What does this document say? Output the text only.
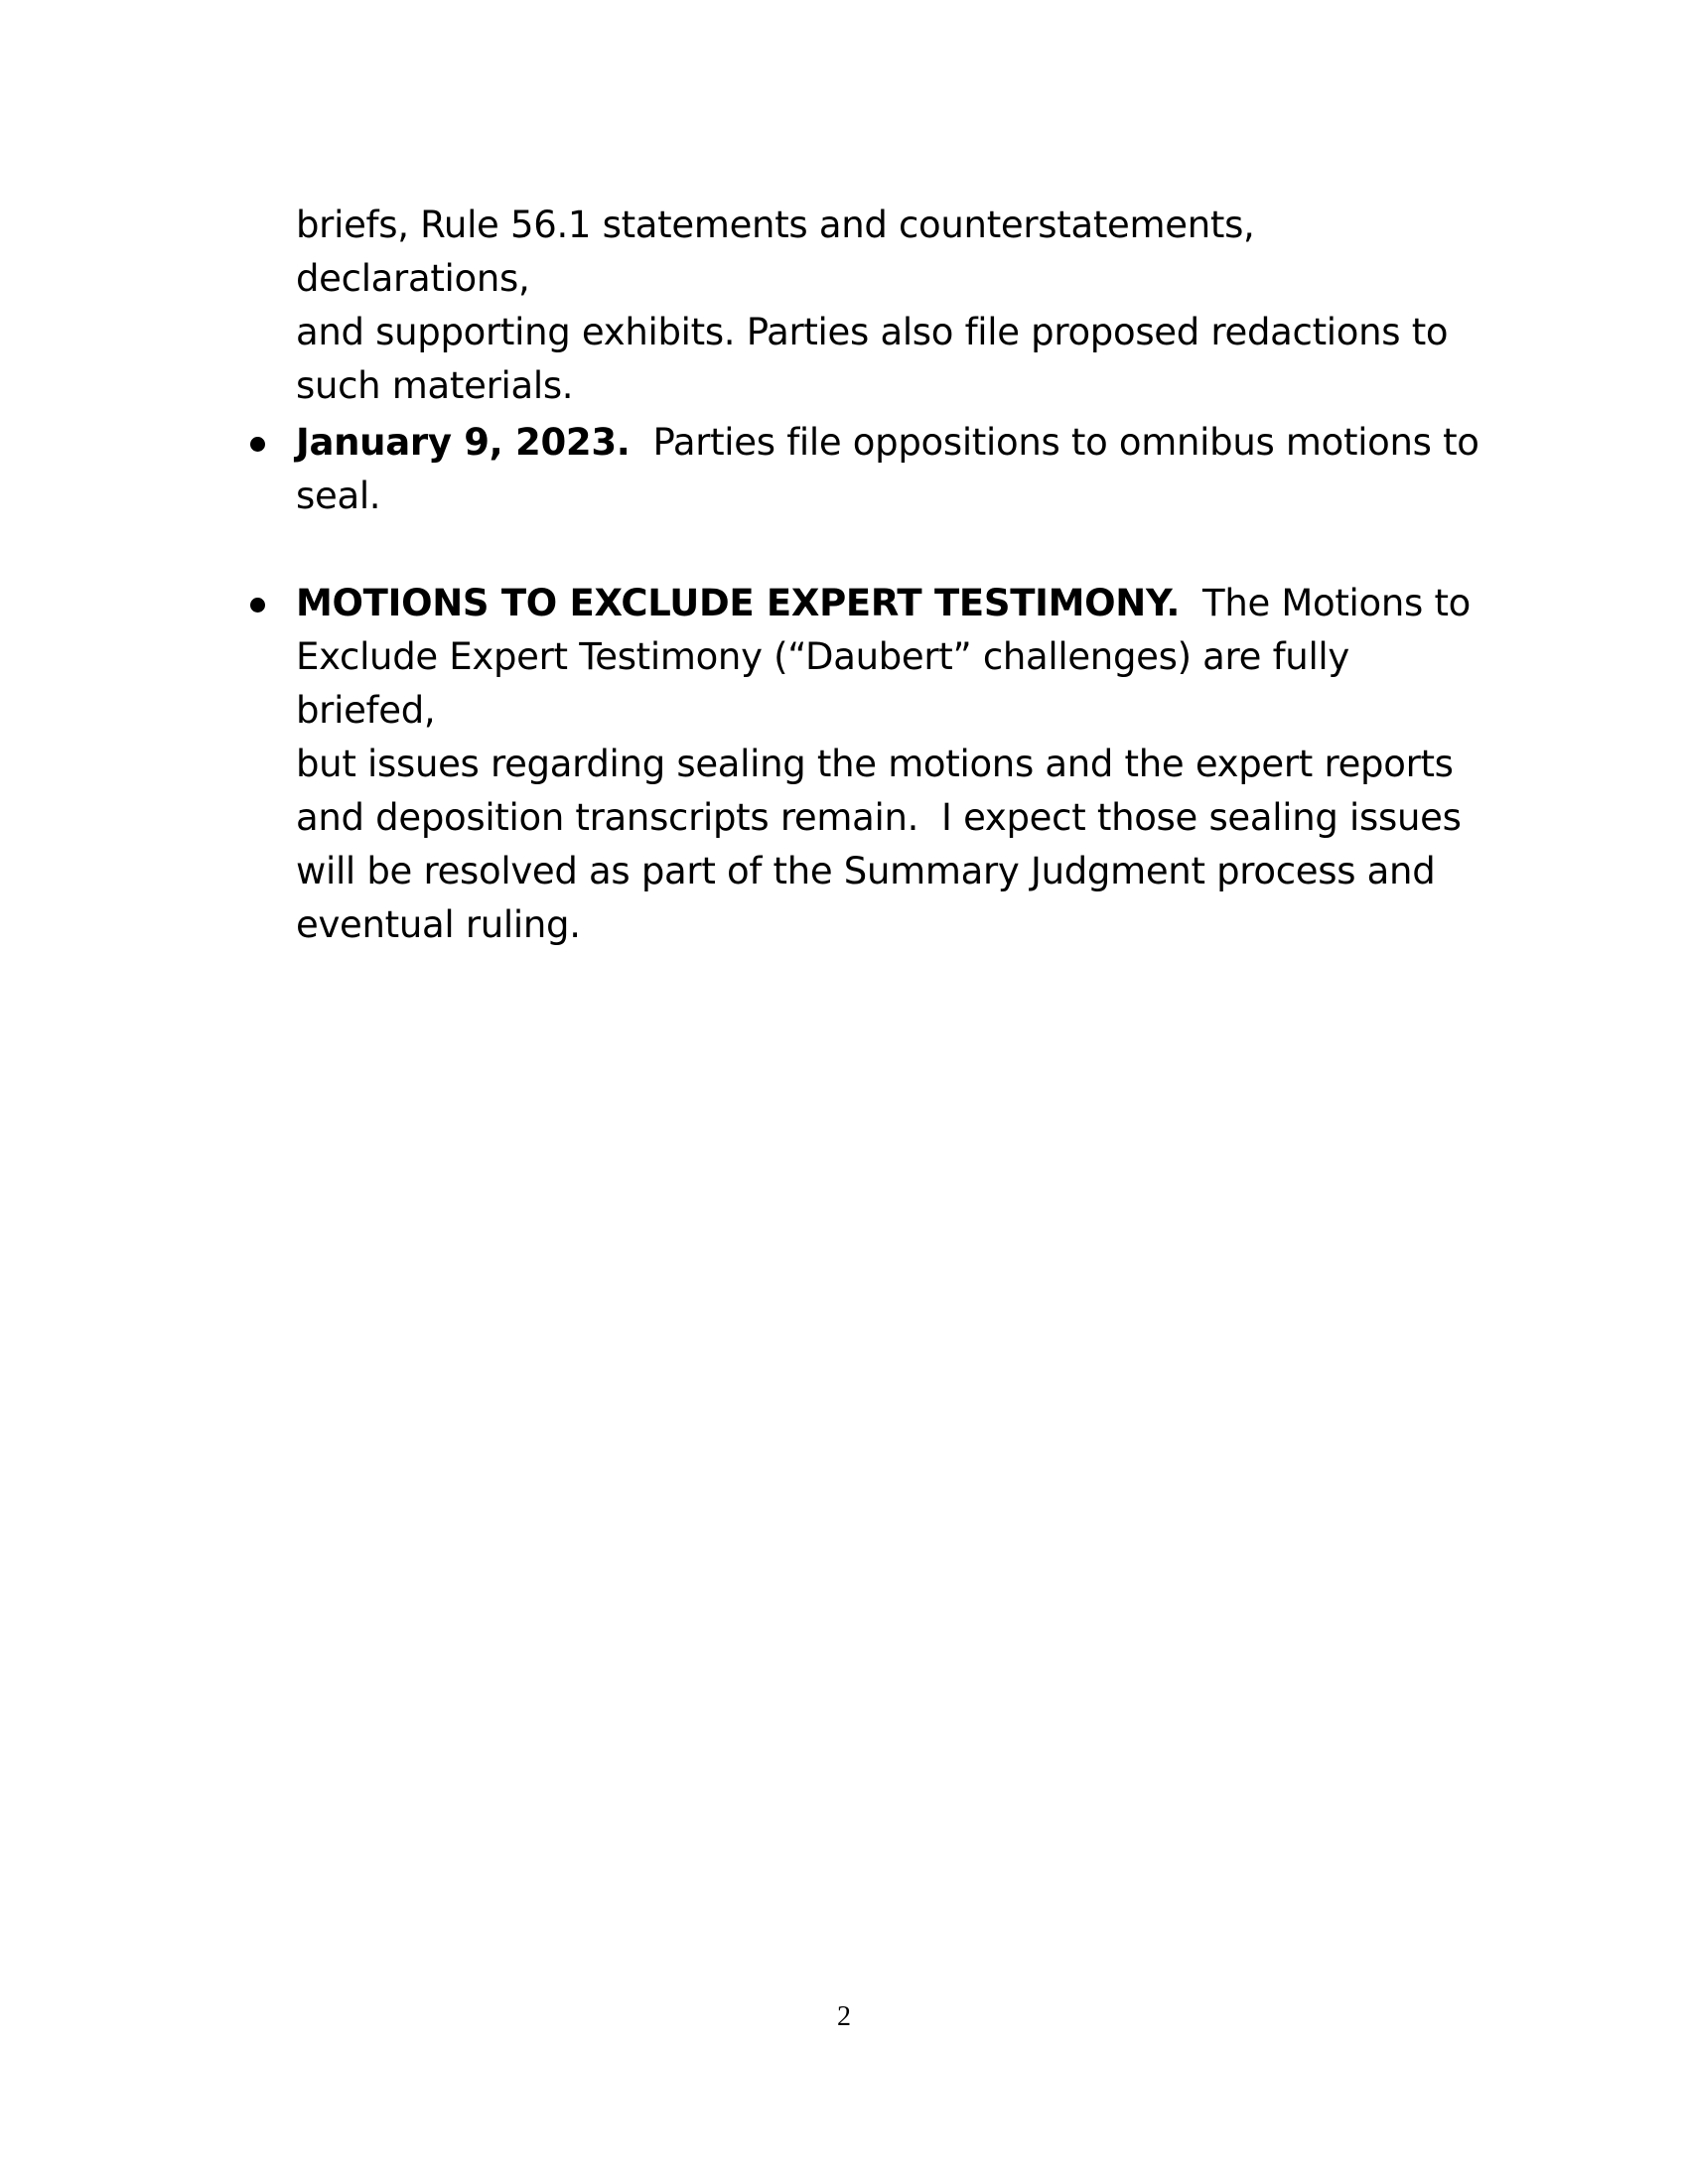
briefs, Rule 56.1 statements and counterstatements, declarations,

and supporting exhibits. Parties also file proposed redactions to

such materials.

January 9, 2023.  Parties file oppositions to omnibus motions to

seal.

MOTIONS TO EXCLUDE EXPERT TESTIMONY.  The Motions to

Exclude Expert Testimony (“Daubert” challenges) are fully briefed,

but issues regarding sealing the motions and the expert reports

and deposition transcripts remain.  I expect those sealing issues

will be resolved as part of the Summary Judgment process and

eventual ruling.

2
